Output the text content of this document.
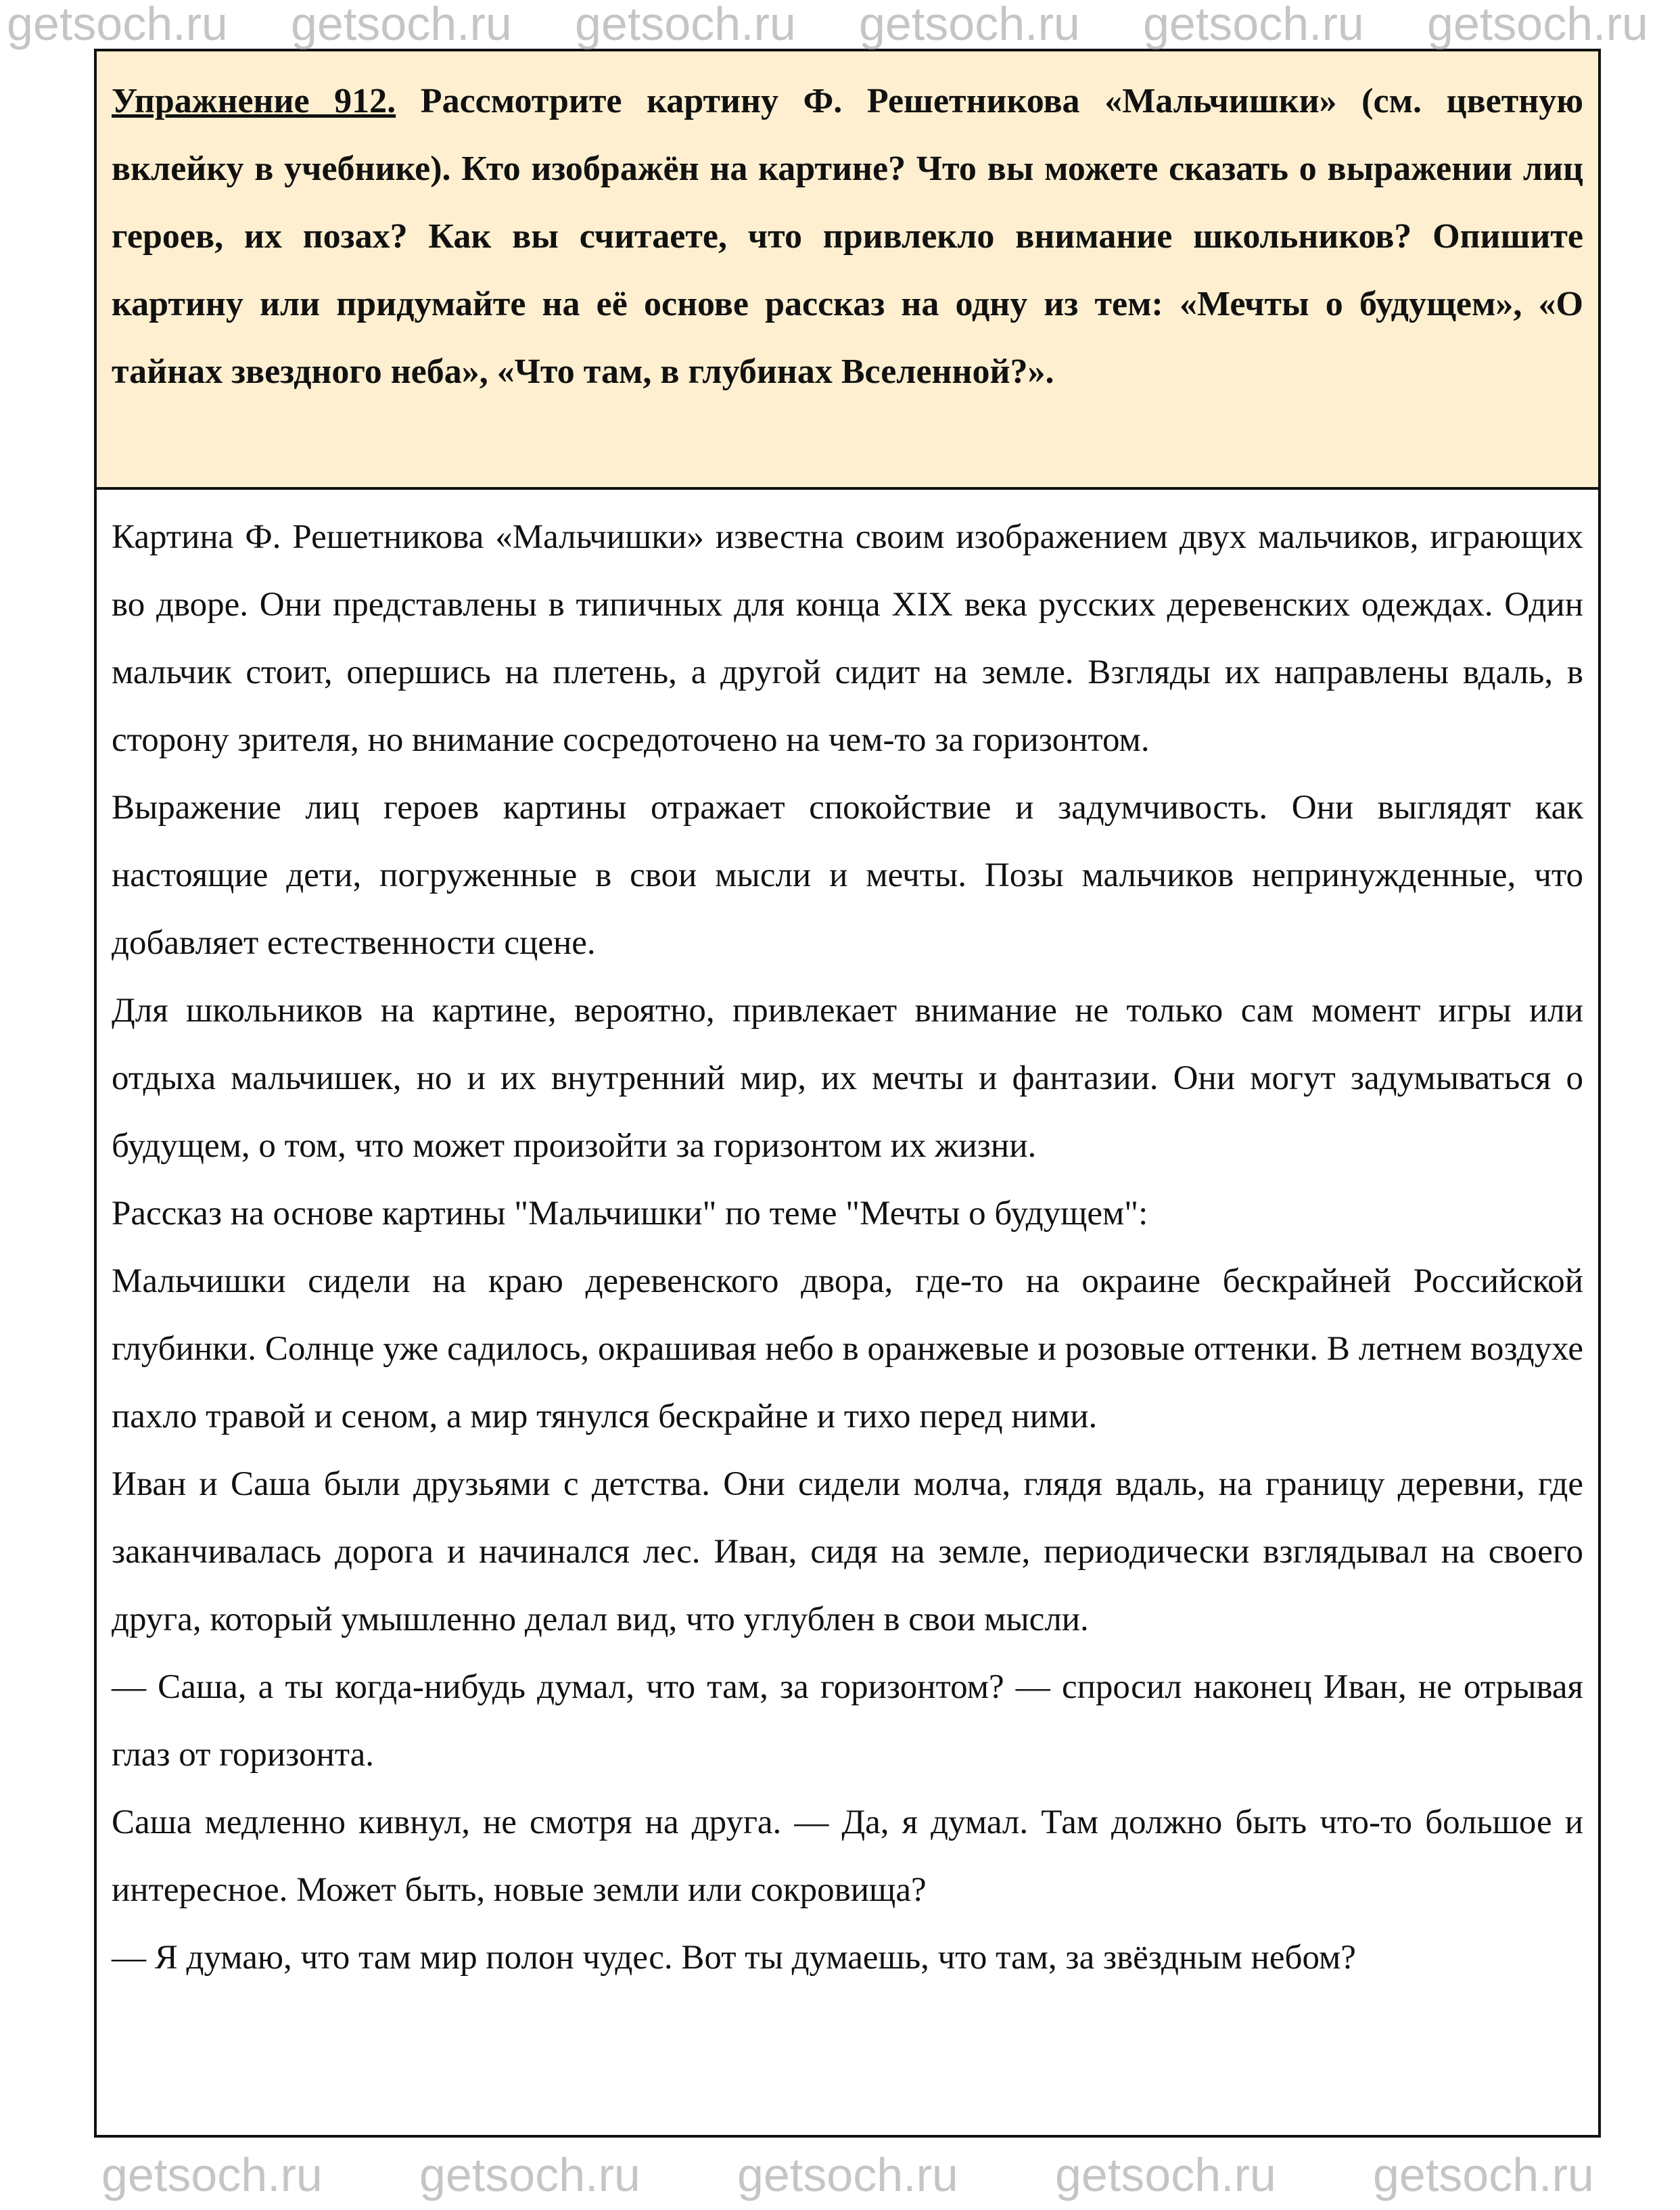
Упражнение 912. Рассмотрите картину Ф. Решетникова «Мальчишки» (см. цветную вклейку в учебнике). Кто изображён на картине? Что вы можете сказать о выражении лиц героев, их позах? Как вы считаете, что привлекло внимание школьников? Опишите картину или придумайте на её основе рассказ на одну из тем: «Мечты о будущем», «О тайнах звездного неба», «Что там, в глубинах Вселенной?».

Картина Ф. Решетникова «Мальчишки» известна своим изображением двух мальчиков, играющих во дворе. Они представлены в типичных для конца XIX века русских деревенских одеждах. Один мальчик стоит, опершись на плетень, а другой сидит на земле. Взгляды их направлены вдаль, в сторону зрителя, но внимание сосредоточено на чем-то за горизонтом.

Выражение лиц героев картины отражает спокойствие и задумчивость. Они выглядят как настоящие дети, погруженные в свои мысли и мечты. Позы мальчиков непринужденные, что добавляет естественности сцене.

Для школьников на картине, вероятно, привлекает внимание не только сам момент игры или отдыха мальчишек, но и их внутренний мир, их мечты и фантазии. Они могут задумываться о будущем, о том, что может произойти за горизонтом их жизни.

Рассказ на основе картины "Мальчишки" по теме "Мечты о будущем":

Мальчишки сидели на краю деревенского двора, где-то на окраине бескрайней Российской глубинки. Солнце уже садилось, окрашивая небо в оранжевые и розовые оттенки. В летнем воздухе пахло травой и сеном, а мир тянулся бескрайне и тихо перед ними.

Иван и Саша были друзьями с детства. Они сидели молча, глядя вдаль, на границу деревни, где заканчивалась дорога и начинался лес. Иван, сидя на земле, периодически взглядывал на своего друга, который умышленно делал вид, что углублен в свои мысли.

— Саша, а ты когда-нибудь думал, что там, за горизонтом? — спросил наконец Иван, не отрывая глаз от горизонта.

Саша медленно кивнул, не смотря на друга. — Да, я думал. Там должно быть что-то большое и интересное. Может быть, новые земли или сокровища?

— Я думаю, что там мир полон чудес. Вот ты думаешь, что там, за звёздным небом?

getsoch.ru getsoch.ru getsoch.ru getsoch.ru getsoch.ru getsoch.ru
getsoch.ru getsoch.ru getsoch.ru getsoch.ru getsoch.ru
